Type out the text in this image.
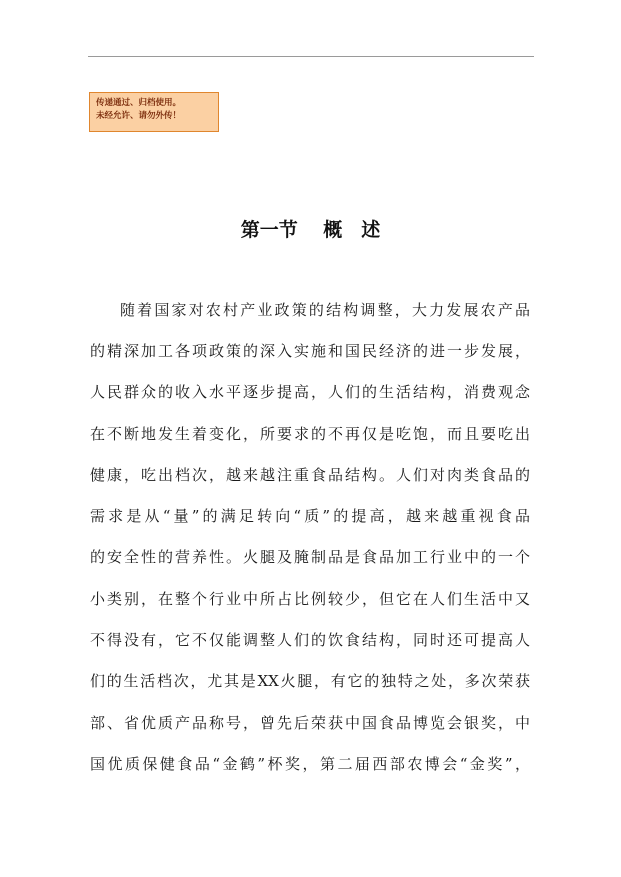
传递通过、归档使用。
未经允许、请勿外传！
第一节　 概　述
随着国家对农村产业政策的结构调整，大力发展农产品
的精深加工各项政策的深入实施和国民经济的进一步发展，
人民群众的收入水平逐步提高，人们的生活结构，消费观念
在不断地发生着变化，所要求的不再仅是吃饱，而且要吃出
健康，吃出档次，越来越注重食品结构。人们对肉类食品的
需求是从“量”的满足转向“质”的提高，越来越重视食品
的安全性的营养性。火腿及腌制品是食品加工行业中的一个
小类别，在整个行业中所占比例较少，但它在人们生活中又
不得没有，它不仅能调整人们的饮食结构，同时还可提高人
们的生活档次，尤其是XX火腿，有它的独特之处，多次荣获
部、省优质产品称号，曾先后荣获中国食品博览会银奖，中
国优质保健食品“金鹤”杯奖，第二届西部农博会“金奖”，
